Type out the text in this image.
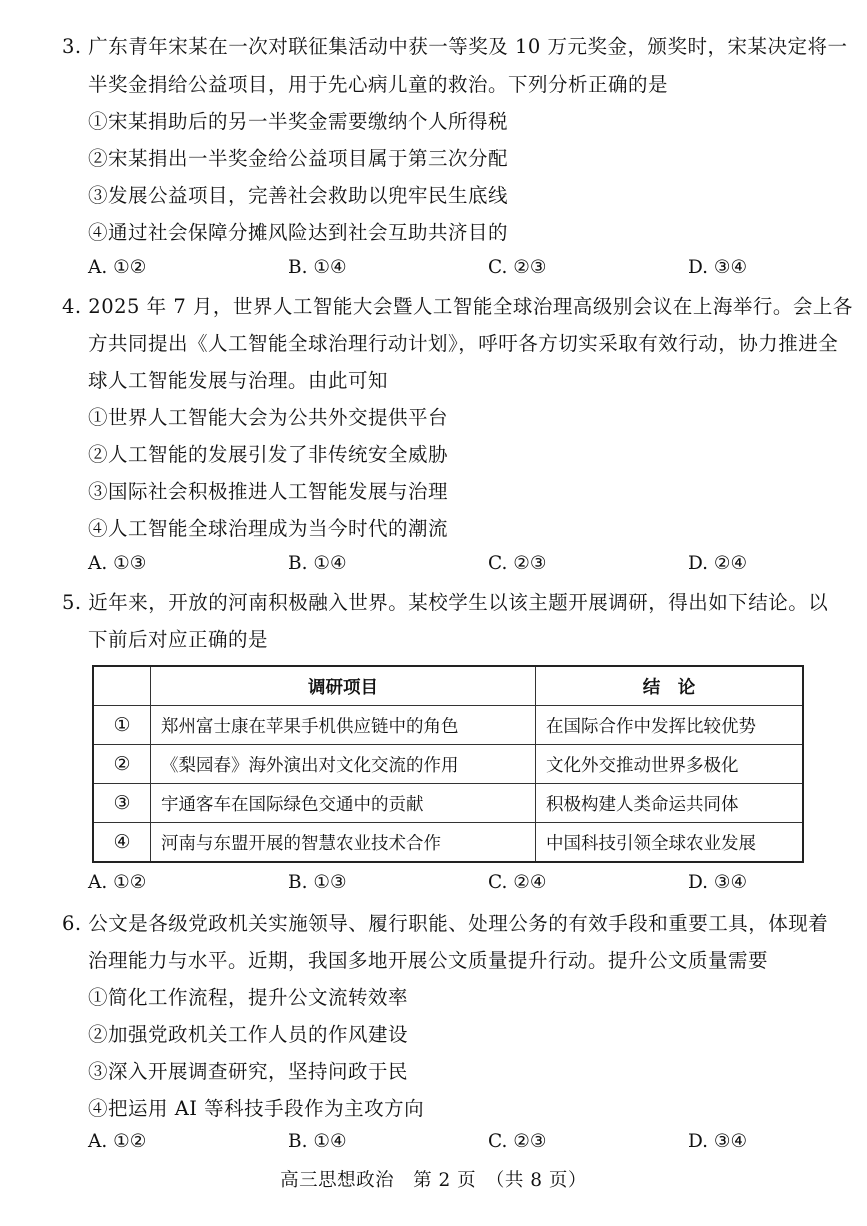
3. 广东青年宋某在一次对联征集活动中获一等奖及 10 万元奖金，颁奖时，宋某决定将一
半奖金捐给公益项目，用于先心病儿童的救治。下列分析正确的是
①宋某捐助后的另一半奖金需要缴纳个人所得税
②宋某捐出一半奖金给公益项目属于第三次分配
③发展公益项目，完善社会救助以兜牢民生底线
④通过社会保障分摊风险达到社会互助共济目的
A. ①②	B. ①④	C. ②③	D. ③④
4. 2025 年 7 月，世界人工智能大会暨人工智能全球治理高级别会议在上海举行。会上各
方共同提出《人工智能全球治理行动计划》，呼吁各方切实采取有效行动，协力推进全
球人工智能发展与治理。由此可知
①世界人工智能大会为公共外交提供平台
②人工智能的发展引发了非传统安全威胁
③国际社会积极推进人工智能发展与治理
④人工智能全球治理成为当今时代的潮流
A. ①③	B. ①④	C. ②③	D. ②④
5. 近年来，开放的河南积极融入世界。某校学生以该主题开展调研，得出如下结论。以
下前后对应正确的是
	调研项目	结　论
①	郑州富士康在苹果手机供应链中的角色	在国际合作中发挥比较优势
②	《梨园春》海外演出对文化交流的作用	文化外交推动世界多极化
③	宇通客车在国际绿色交通中的贡献	积极构建人类命运共同体
④	河南与东盟开展的智慧农业技术合作	中国科技引领全球农业发展
A. ①②	B. ①③	C. ②④	D. ③④
6. 公文是各级党政机关实施领导、履行职能、处理公务的有效手段和重要工具，体现着
治理能力与水平。近期，我国多地开展公文质量提升行动。提升公文质量需要
①简化工作流程，提升公文流转效率
②加强党政机关工作人员的作风建设
③深入开展调查研究，坚持问政于民
④把运用 AI 等科技手段作为主攻方向
A. ①②	B. ①④	C. ②③	D. ③④
高三思想政治　第 2 页　（共 8 页）
